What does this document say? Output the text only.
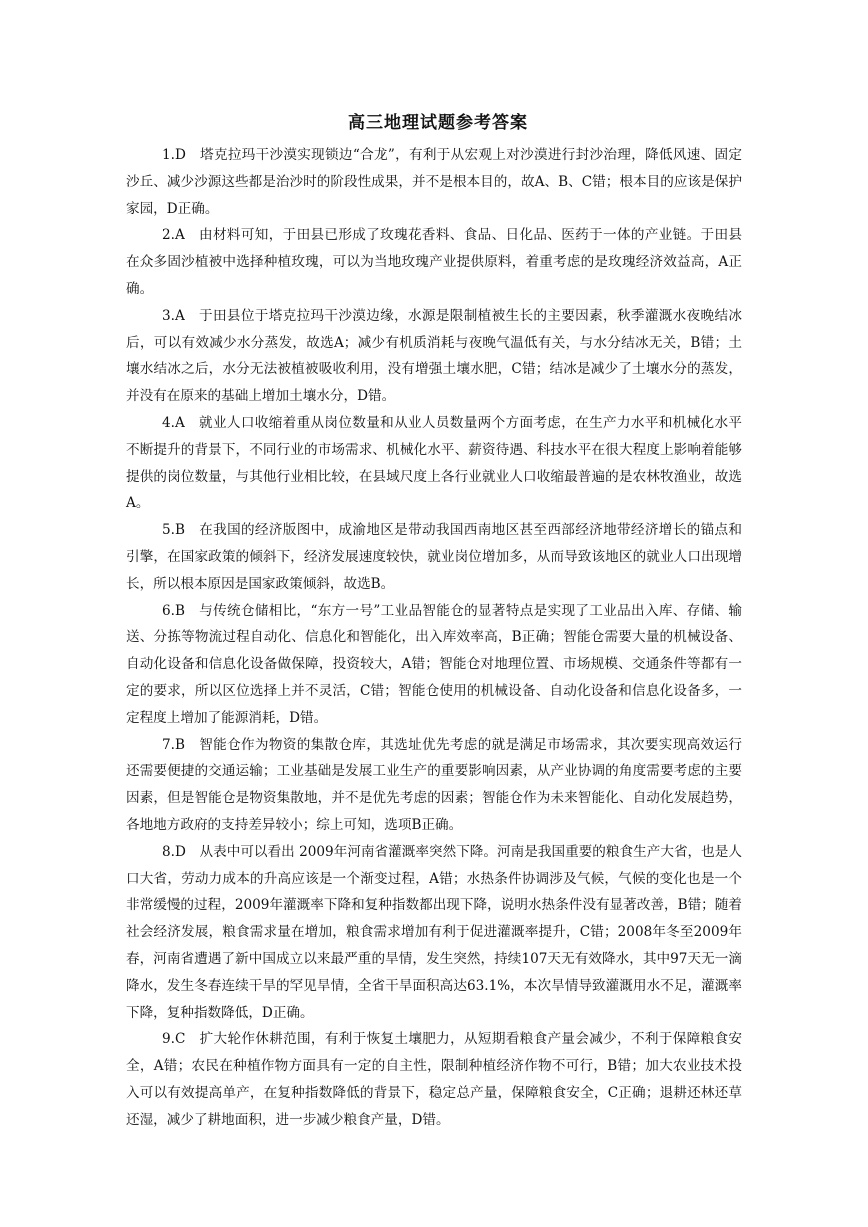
高三地理试题参考答案

1.D　塔克拉玛干沙漠实现锁边“合龙”，有利于从宏观上对沙漠进行封沙治理，降低风速、固定沙丘、减少沙源这些都是治沙时的阶段性成果，并不是根本目的，故A、B、C错；根本目的应该是保护家园，D正确。

2.A　由材料可知，于田县已形成了玫瑰花香料、食品、日化品、医药于一体的产业链。于田县在众多固沙植被中选择种植玫瑰，可以为当地玫瑰产业提供原料，着重考虑的是玫瑰经济效益高，A正确。

3.A　于田县位于塔克拉玛干沙漠边缘，水源是限制植被生长的主要因素，秋季灌溉水夜晚结冰后，可以有效减少水分蒸发，故选A；减少有机质消耗与夜晚气温低有关，与水分结冰无关，B错；土壤水结冰之后，水分无法被植被吸收利用，没有增强土壤水肥，C错；结冰是减少了土壤水分的蒸发，并没有在原来的基础上增加土壤水分，D错。

4.A　就业人口收缩着重从岗位数量和从业人员数量两个方面考虑，在生产力水平和机械化水平不断提升的背景下，不同行业的市场需求、机械化水平、薪资待遇、科技水平在很大程度上影响着能够提供的岗位数量，与其他行业相比较，在县域尺度上各行业就业人口收缩最普遍的是农林牧渔业，故选A。

5.B　在我国的经济版图中，成渝地区是带动我国西南地区甚至西部经济地带经济增长的锚点和引擎，在国家政策的倾斜下，经济发展速度较快，就业岗位增加多，从而导致该地区的就业人口出现增长，所以根本原因是国家政策倾斜，故选B。

6.B　与传统仓储相比，“东方一号”工业品智能仓的显著特点是实现了工业品出入库、存储、输送、分拣等物流过程自动化、信息化和智能化，出入库效率高，B正确；智能仓需要大量的机械设备、自动化设备和信息化设备做保障，投资较大，A错；智能仓对地理位置、市场规模、交通条件等都有一定的要求，所以区位选择上并不灵活，C错；智能仓使用的机械设备、自动化设备和信息化设备多，一定程度上增加了能源消耗，D错。

7.B　智能仓作为物资的集散仓库，其选址优先考虑的就是满足市场需求，其次要实现高效运行还需要便捷的交通运输；工业基础是发展工业生产的重要影响因素，从产业协调的角度需要考虑的主要因素，但是智能仓是物资集散地，并不是优先考虑的因素；智能仓作为未来智能化、自动化发展趋势，各地地方政府的支持差异较小；综上可知，选项B正确。

8.D　从表中可以看出 2009年河南省灌溉率突然下降。河南是我国重要的粮食生产大省，也是人口大省，劳动力成本的升高应该是一个渐变过程，A错；水热条件协调涉及气候，气候的变化也是一个非常缓慢的过程，2009年灌溉率下降和复种指数都出现下降，说明水热条件没有显著改善，B错；随着社会经济发展，粮食需求量在增加，粮食需求增加有利于促进灌溉率提升，C错；2008年冬至2009年春，河南省遭遇了新中国成立以来最严重的旱情，发生突然，持续107天无有效降水，其中97天无一滴降水，发生冬春连续干旱的罕见旱情，全省干旱面积高达63.1%，本次旱情导致灌溉用水不足，灌溉率下降，复种指数降低，D正确。

9.C　扩大轮作休耕范围，有利于恢复土壤肥力，从短期看粮食产量会减少，不利于保障粮食安全，A错；农民在种植作物方面具有一定的自主性，限制种植经济作物不可行，B错；加大农业技术投入可以有效提高单产，在复种指数降低的背景下，稳定总产量，保障粮食安全，C正确；退耕还林还草还湿，减少了耕地面积，进一步减少粮食产量，D错。
